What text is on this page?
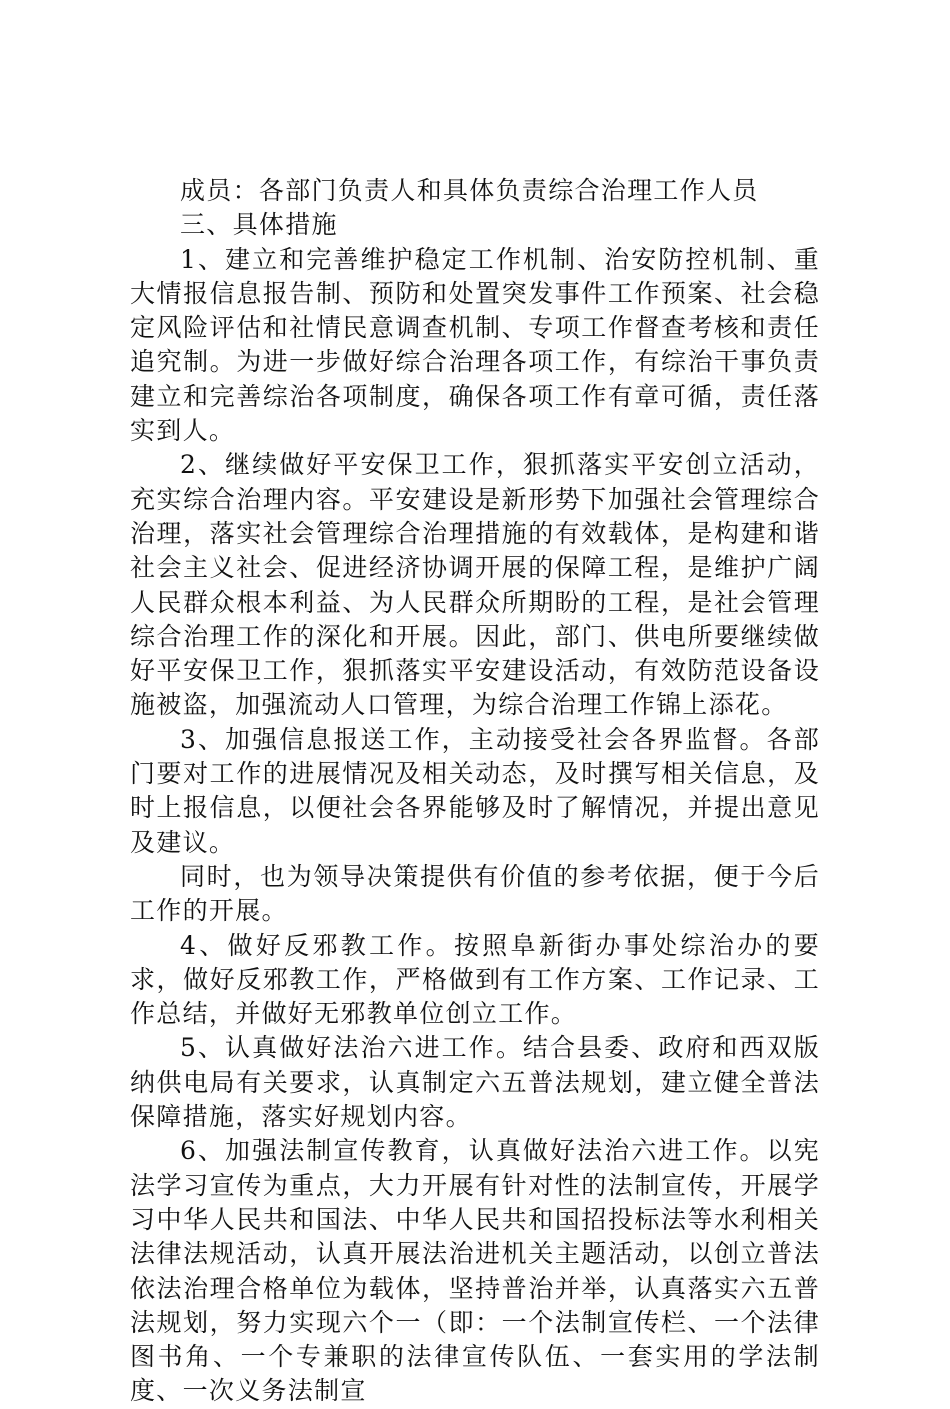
成员：各部门负责人和具体负责综合治理工作人员

三、具体措施

1、建立和完善维护稳定工作机制、治安防控机制、重大情报信息报告制、预防和处置突发事件工作预案、社会稳定风险评估和社情民意调查机制、专项工作督查考核和责任追究制。为进一步做好综合治理各项工作，有综治干事负责建立和完善综治各项制度，确保各项工作有章可循，责任落实到人。

2、继续做好平安保卫工作，狠抓落实平安创立活动，充实综合治理内容。平安建设是新形势下加强社会管理综合治理，落实社会管理综合治理措施的有效载体，是构建和谐社会主义社会、促进经济协调开展的保障工程，是维护广阔人民群众根本利益、为人民群众所期盼的工程，是社会管理综合治理工作的深化和开展。因此，部门、供电所要继续做好平安保卫工作，狠抓落实平安建设活动，有效防范设备设施被盗，加强流动人口管理，为综合治理工作锦上添花。

3、加强信息报送工作，主动接受社会各界监督。各部门要对工作的进展情况及相关动态，及时撰写相关信息，及时上报信息，以便社会各界能够及时了解情况，并提出意见及建议。

同时，也为领导决策提供有价值的参考依据，便于今后工作的开展。

4、做好反邪教工作。按照阜新街办事处综治办的要求，做好反邪教工作，严格做到有工作方案、工作记录、工作总结，并做好无邪教单位创立工作。

5、认真做好法治六进工作。结合县委、政府和西双版纳供电局有关要求，认真制定六五普法规划，建立健全普法保障措施，落实好规划内容。

6、加强法制宣传教育，认真做好法治六进工作。以宪法学习宣传为重点，大力开展有针对性的法制宣传，开展学习中华人民共和国法、中华人民共和国招投标法等水利相关法律法规活动，认真开展法治进机关主题活动，以创立普法依法治理合格单位为载体，坚持普治并举，认真落实六五普法规划，努力实现六个一（即：一个法制宣传栏、一个法律图书角、一个专兼职的法律宣传队伍、一套实用的学法制度、一次义务法制宣
